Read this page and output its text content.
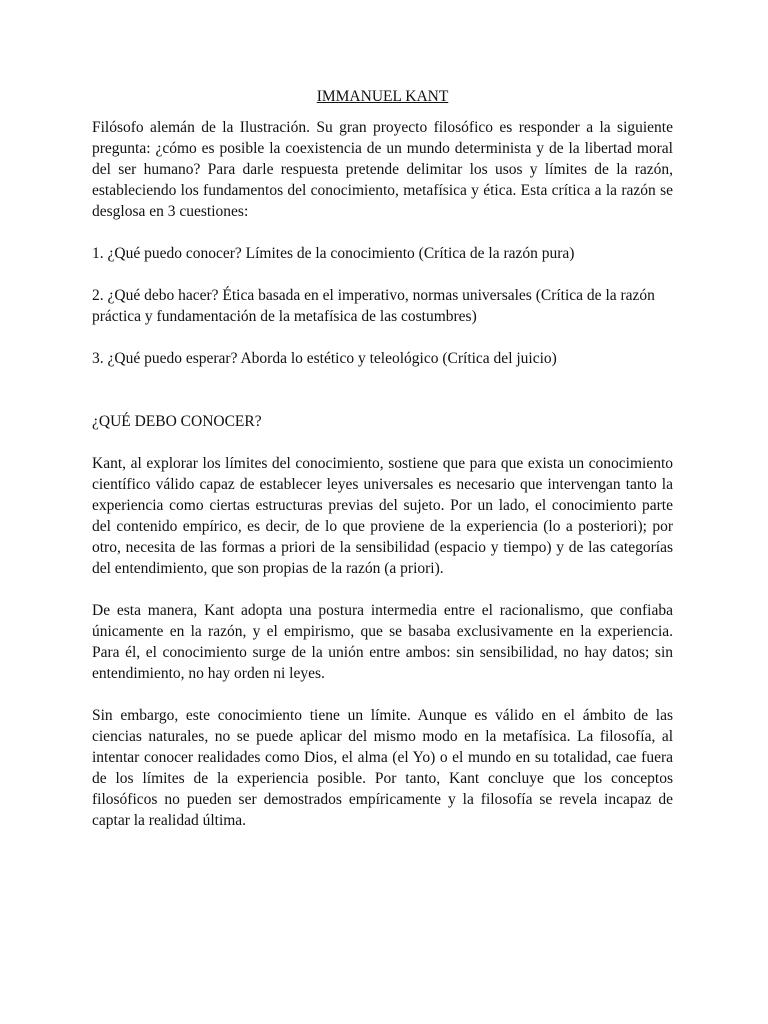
IMMANUEL KANT

Filósofo alemán de la Ilustración. Su gran proyecto filosófico es responder a la siguiente pregunta: ¿cómo es posible la coexistencia de un mundo determinista y de la libertad moral del ser humano? Para darle respuesta pretende delimitar los usos y límites de la razón, estableciendo los fundamentos del conocimiento, metafísica y ética. Esta crítica a la razón se desglosa en 3 cuestiones:

1. ¿Qué puedo conocer? Límites de la conocimiento (Crítica de la razón pura)
2. ¿Qué debo hacer? Ética basada en el imperativo, normas universales (Crítica de la razón práctica y fundamentación de la metafísica de las costumbres)
3. ¿Qué puedo esperar? Aborda lo estético y teleológico (Crítica del juicio)
¿QUÉ DEBO CONOCER?

Kant, al explorar los límites del conocimiento, sostiene que para que exista un conocimiento científico válido capaz de establecer leyes universales es necesario que intervengan tanto la experiencia como ciertas estructuras previas del sujeto. Por un lado, el conocimiento parte del contenido empírico, es decir, de lo que proviene de la experiencia (lo a posteriori); por otro, necesita de las formas a priori de la sensibilidad (espacio y tiempo) y de las categorías del entendimiento, que son propias de la razón (a priori).

De esta manera, Kant adopta una postura intermedia entre el racionalismo, que confiaba únicamente en la razón, y el empirismo, que se basaba exclusivamente en la experiencia. Para él, el conocimiento surge de la unión entre ambos: sin sensibilidad, no hay datos; sin entendimiento, no hay orden ni leyes.

Sin embargo, este conocimiento tiene un límite. Aunque es válido en el ámbito de las ciencias naturales, no se puede aplicar del mismo modo en la metafísica. La filosofía, al intentar conocer realidades como Dios, el alma (el Yo) o el mundo en su totalidad, cae fuera de los límites de la experiencia posible. Por tanto, Kant concluye que los conceptos filosóficos no pueden ser demostrados empíricamente y la filosofía se revela incapaz de captar la realidad última.
